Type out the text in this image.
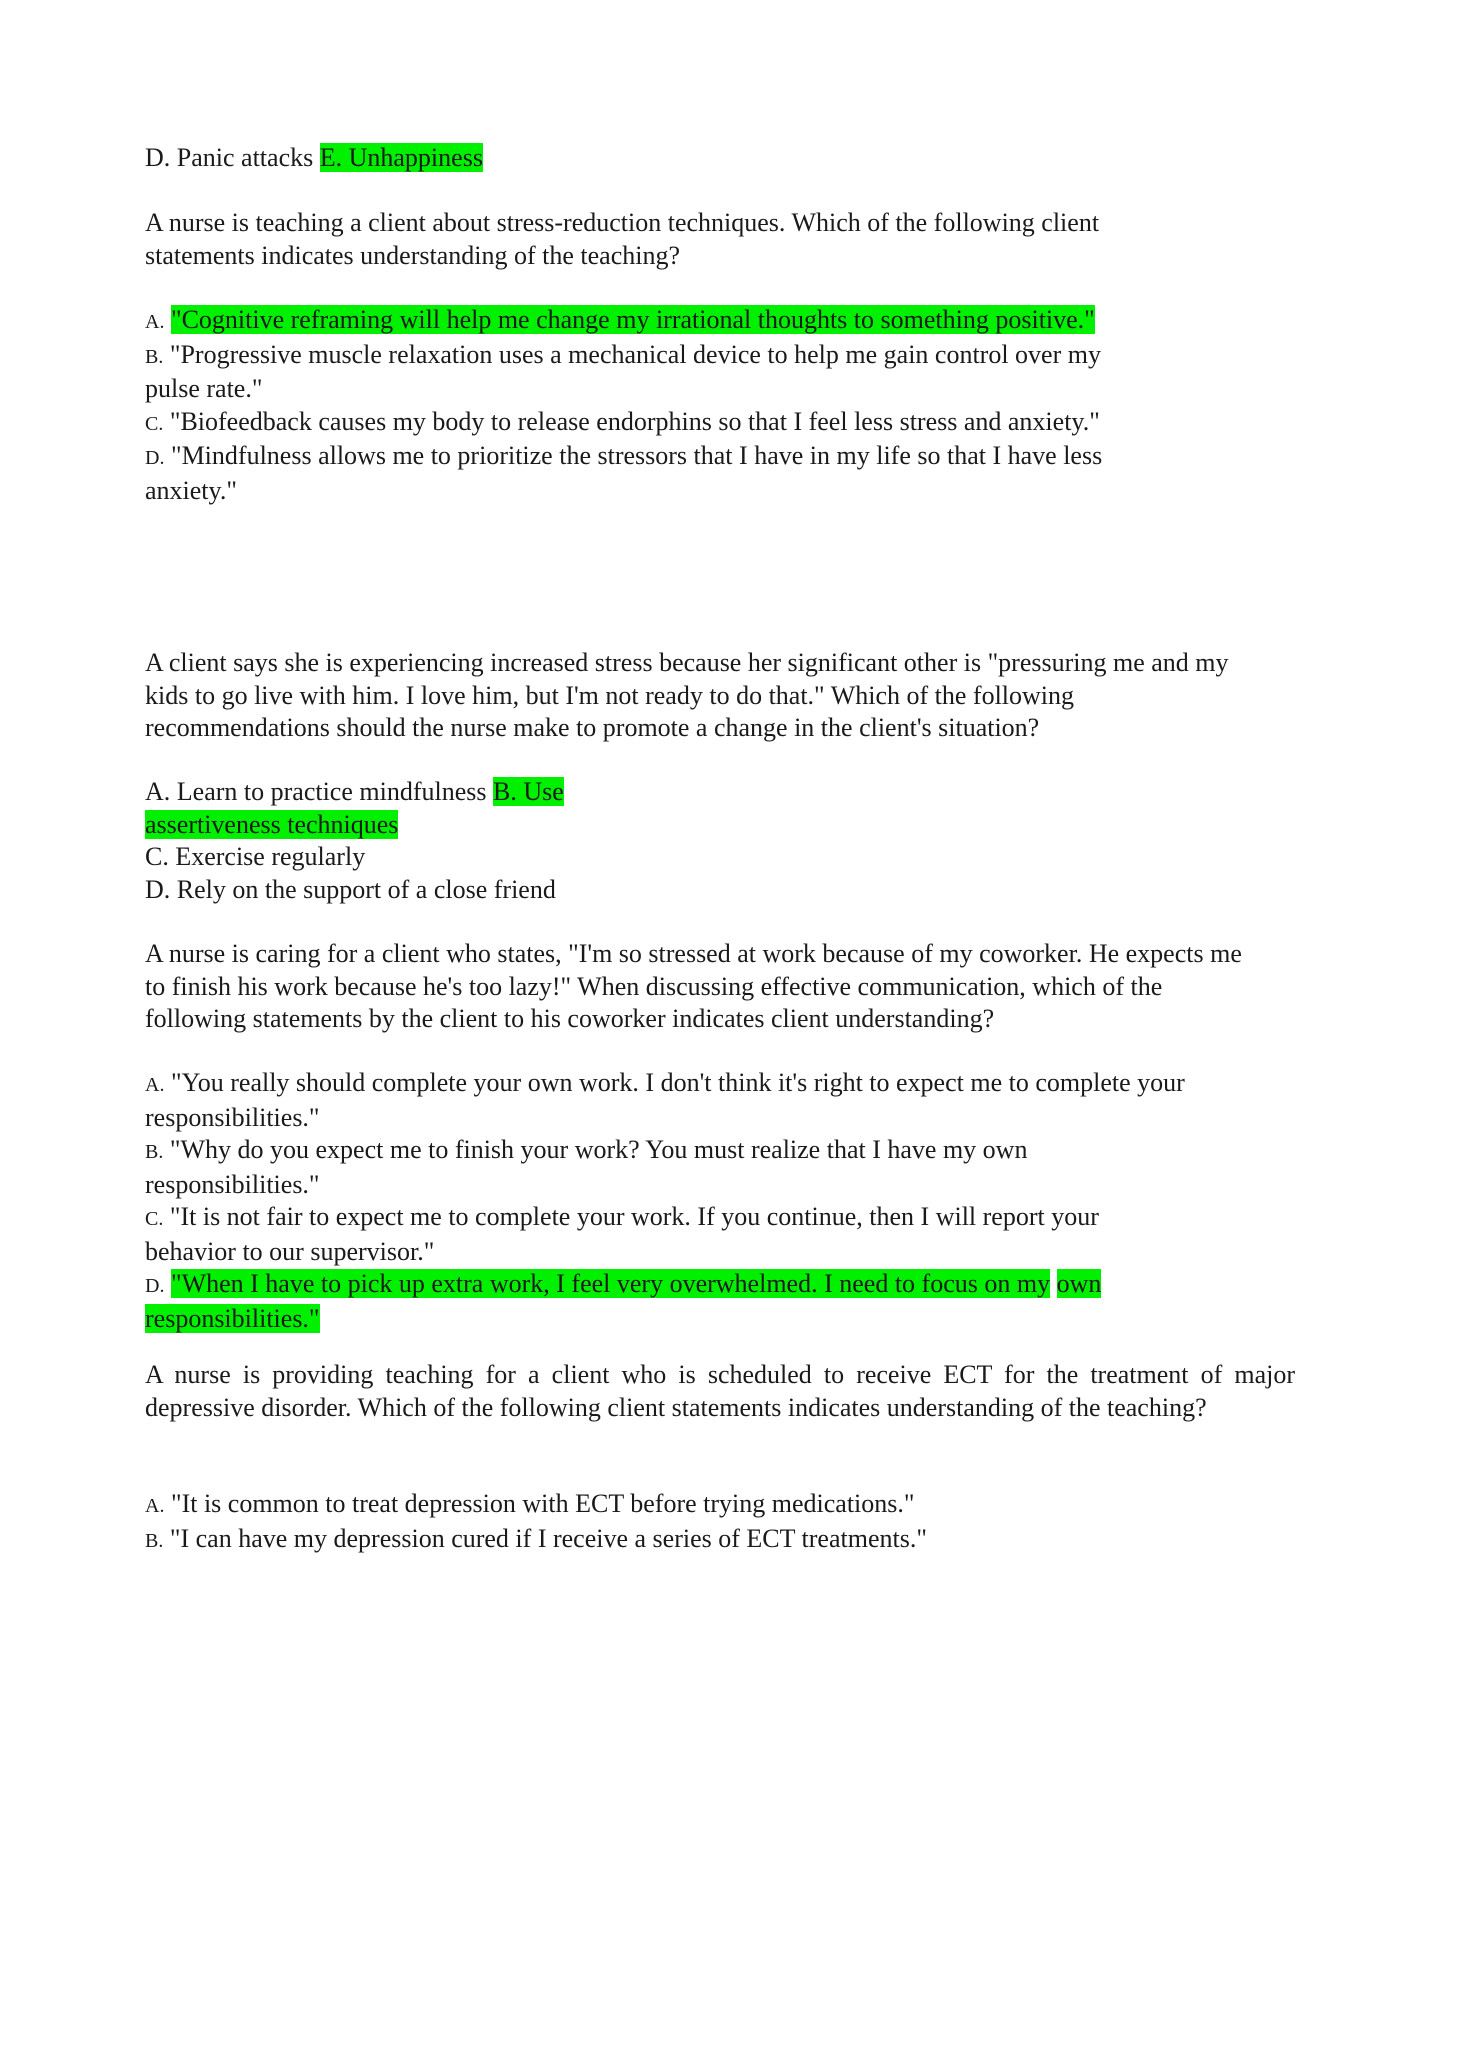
D. Panic attacks E. Unhappiness
A nurse is teaching a client about stress-reduction techniques. Which of the following client
statements indicates understanding of the teaching?
A. "Cognitive reframing will help me change my irrational thoughts to something positive."
B. "Progressive muscle relaxation uses a mechanical device to help me gain control over my
pulse rate."
C. "Biofeedback causes my body to release endorphins so that I feel less stress and anxiety."
D. "Mindfulness allows me to prioritize the stressors that I have in my life so that I have less
anxiety."
A client says she is experiencing increased stress because her significant other is "pressuring me and my
kids to go live with him. I love him, but I'm not ready to do that." Which of the following
recommendations should the nurse make to promote a change in the client's situation?
A. Learn to practice mindfulness B. Use
assertiveness techniques
C. Exercise regularly
D. Rely on the support of a close friend
A nurse is caring for a client who states, "I'm so stressed at work because of my coworker. He expects me
to finish his work because he's too lazy!" When discussing effective communication, which of the
following statements by the client to his coworker indicates client understanding?
A. "You really should complete your own work. I don't think it's right to expect me to complete your
responsibilities."
B. "Why do you expect me to finish your work? You must realize that I have my own
responsibilities."
C. "It is not fair to expect me to complete your work. If you continue, then I will report your
behavior to our supervisor."
D. "When I have to pick up extra work, I feel very overwhelmed. I need to focus on my own
responsibilities."
A nurse is providing teaching for a client who is scheduled to receive ECT for the treatment of major depressive disorder. Which of the following client statements indicates understanding of the teaching?
A. "It is common to treat depression with ECT before trying medications."
B. "I can have my depression cured if I receive a series of ECT treatments."
